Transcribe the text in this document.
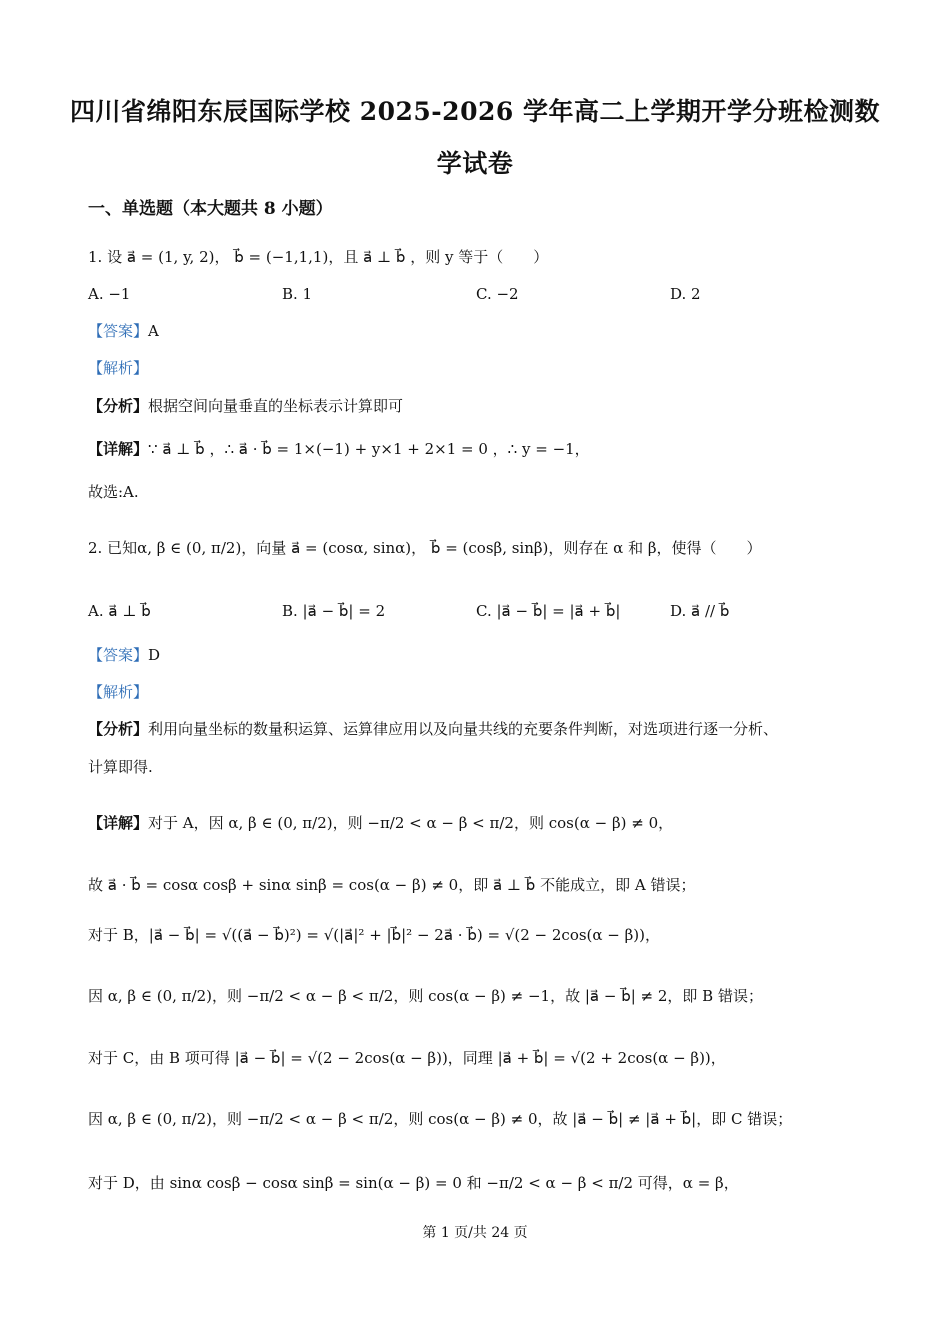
四川省绵阳东辰国际学校 2025-2026 学年高二上学期开学分班检测数
学试卷
一、单选题（本大题共 8 小题）
1. 设 a⃗ = (1, y, 2)， b⃗ = (−1,1,1)，且 a⃗ ⊥ b⃗ ，则 y 等于（　　）
A. −1	B. 1	C. −2	D. 2
【答案】A
【解析】
【分析】根据空间向量垂直的坐标表示计算即可
【详解】∵ a⃗ ⊥ b⃗ ，∴ a⃗ · b⃗ = 1×(−1) + y×1 + 2×1 = 0 ，∴ y = −1，
故选:A.
2. 已知α, β ∈ (0, π/2)，向量 a⃗ = (cosα, sinα)， b⃗ = (cosβ, sinβ)，则存在 α 和 β，使得（　　）
A. a⃗ ⊥ b⃗	B. |a⃗ − b⃗| = 2	C. |a⃗ − b⃗| = |a⃗ + b⃗|	D. a⃗ // b⃗
【答案】D
【解析】
【分析】利用向量坐标的数量积运算、运算律应用以及向量共线的充要条件判断，对选项进行逐一分析、
计算即得.
【详解】对于 A，因 α, β ∈ (0, π/2)，则 −π/2 < α − β < π/2，则 cos(α − β) ≠ 0，
故 a⃗ · b⃗ = cosα cosβ + sinα sinβ = cos(α − β) ≠ 0，即 a⃗ ⊥ b⃗ 不能成立，即 A 错误；
对于 B，|a⃗ − b⃗| = √((a⃗ − b⃗)²) = √(|a⃗|² + |b⃗|² − 2a⃗ · b⃗) = √(2 − 2cos(α − β))，
因 α, β ∈ (0, π/2)，则 −π/2 < α − β < π/2，则 cos(α − β) ≠ −1，故 |a⃗ − b⃗| ≠ 2，即 B 错误；
对于 C，由 B 项可得 |a⃗ − b⃗| = √(2 − 2cos(α − β))，同理 |a⃗ + b⃗| = √(2 + 2cos(α − β))，
因 α, β ∈ (0, π/2)，则 −π/2 < α − β < π/2，则 cos(α − β) ≠ 0，故 |a⃗ − b⃗| ≠ |a⃗ + b⃗|，即 C 错误；
对于 D，由 sinα cosβ − cosα sinβ = sin(α − β) = 0 和 −π/2 < α − β < π/2 可得，α = β，
第 1 页/共 24 页
